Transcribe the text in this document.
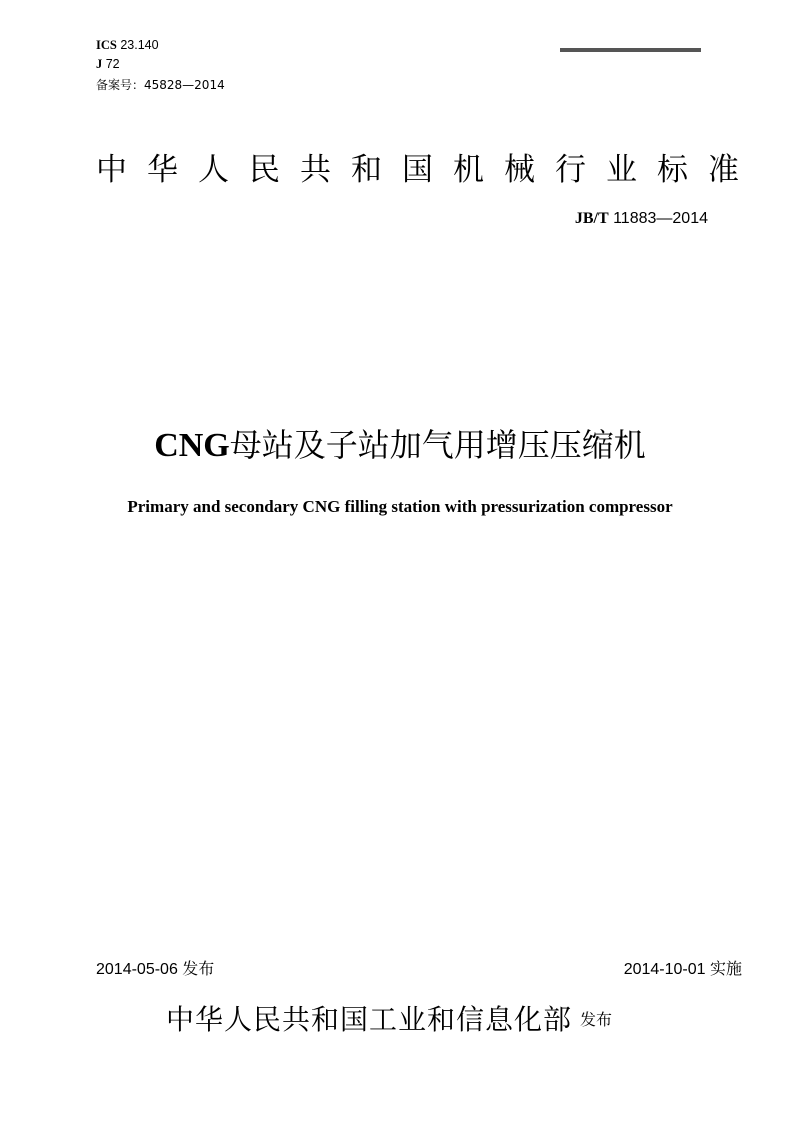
ICS 23.140
J 72
备案号：45828—2014
中华人民共和国机械行业标准
JB/T 11883—2014
CNG母站及子站加气用增压压缩机
Primary and secondary CNG filling station with pressurization compressor
2014-05-06 发布	2014-10-01 实施
中华人民共和国工业和信息化部 发布
